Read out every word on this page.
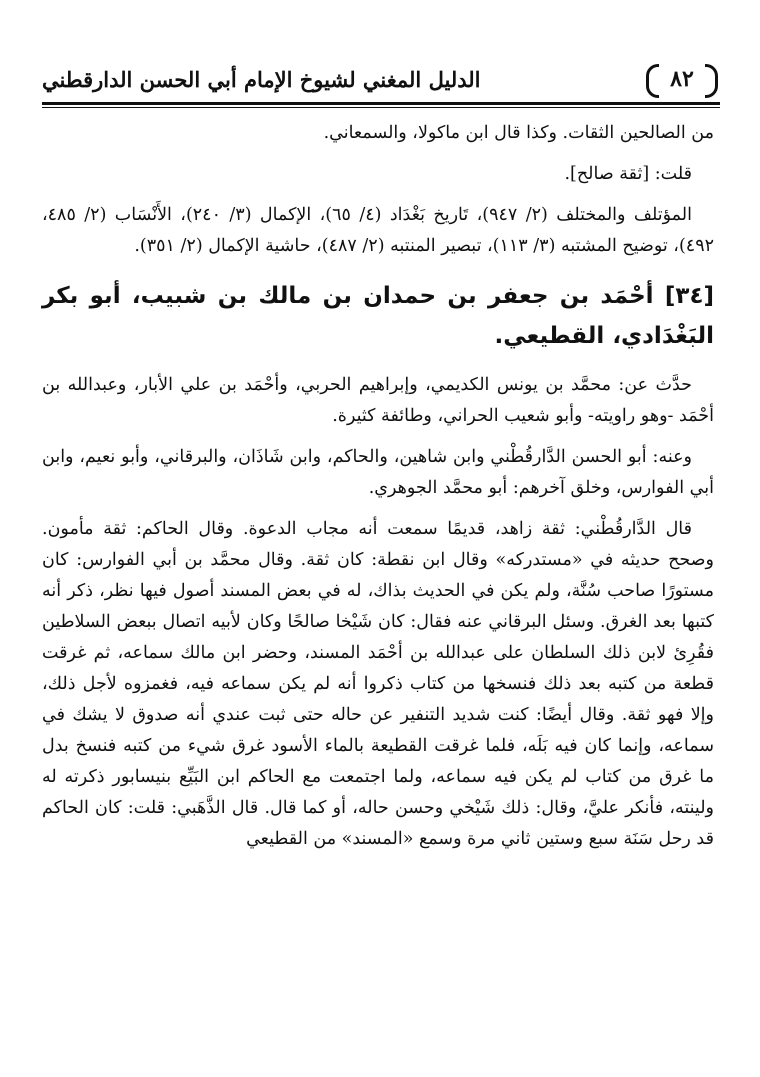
٨٢
الدليل المغني لشيوخ الإمام أبي الحسن الدارقطني

من الصالحين الثقات. وكذا قال ابن ماكولا، والسمعاني.

قلت: [ثقة صالح].

المؤتلف والمختلف (٢/ ٩٤٧)، تَاريخ بَغْدَاد (٤/ ٦٥)، الإكمال (٣/ ٢٤٠)، الأَنْسَاب (٢/ ٤٨٥، ٤٩٢)، توضيح المشتبه (٣/ ١١٣)، تبصير المنتبه (٢/ ٤٨٧)، حاشية الإكمال (٢/ ٣٥١).

[٣٤] أحْمَد بن جعفر بن حمدان بن مالك بن شبيب، أبو بكر البَغْدَادي، القطيعي.

حدَّث عن: محمَّد بن يونس الكديمي، وإبراهيم الحربي، وأحْمَد بن علي الأبار، وعبدالله بن أحْمَد -وهو راويته- وأبو شعيب الحراني، وطائفة كثيرة.

وعنه: أبو الحسن الدَّارقُطْني وابن شاهين، والحاكم، وابن شَاذَان، والبرقاني، وأبو نعيم، وابن أبي الفوارس، وخلق آخرهم: أبو محمَّد الجوهري.

قال الدَّارقُطْني: ثقة زاهد، قديمًا سمعت أنه مجاب الدعوة. وقال الحاكم: ثقة مأمون. وصحح حديثه في «مستدركه» وقال ابن نقطة: كان ثقة. وقال محمَّد بن أبي الفوارس: كان مستورًا صاحب سُنَّة، ولم يكن في الحديث بذاك، له في بعض المسند أصول فيها نظر، ذكر أنه كتبها بعد الغرق. وسئل البرقاني عنه فقال: كان شَيْخا صالحًا وكان لأبيه اتصال ببعض السلاطين فقُرِئ لابن ذلك السلطان على عبدالله بن أحْمَد المسند، وحضر ابن مالك سماعه، ثم غرقت قطعة من كتبه بعد ذلك فنسخها من كتاب ذكروا أنه لم يكن سماعه فيه، فغمزوه لأجل ذلك، وإلا فهو ثقة. وقال أيضًا: كنت شديد التنفير عن حاله حتى ثبت عندي أنه صدوق لا يشك في سماعه، وإنما كان فيه بَلَه، فلما غرقت القطيعة بالماء الأسود غرق شيء من كتبه فنسخ بدل ما غرق من كتاب لم يكن فيه سماعه، ولما اجتمعت مع الحاكم ابن البَيِّع بنيسابور ذكرته له ولينته، فأنكر عليَّ، وقال: ذلك شَيْخي وحسن حاله، أو كما قال. قال الذَّهَبي: قلت: كان الحاكم قد رحل سَنَة سبع وستين ثاني مرة وسمع «المسند» من القطيعي
